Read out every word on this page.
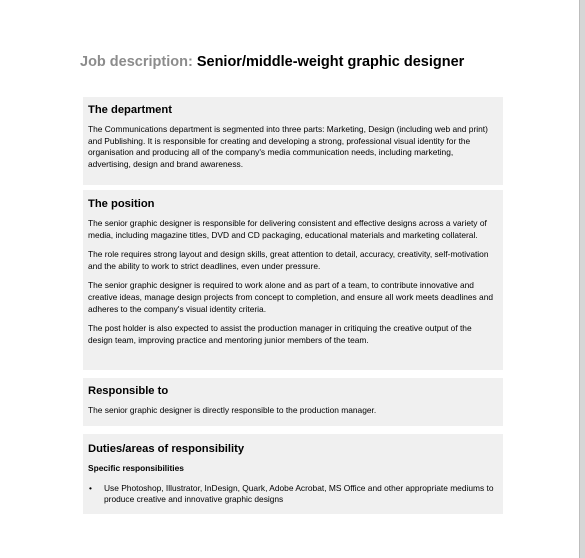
Job description: Senior/middle-weight graphic designer
The department

The Communications department is segmented into three parts: Marketing, Design (including web and print) and Publishing. It is responsible for creating and developing a strong, professional visual identity for the organisation and producing all of the company's media communication needs, including marketing, advertising, design and brand awareness.

The position

The senior graphic designer is responsible for delivering consistent and effective designs across a variety of media, including magazine titles, DVD and CD packaging, educational materials and marketing collateral.

The role requires strong layout and design skills, great attention to detail, accuracy, creativity, self-motivation and the ability to work to strict deadlines, even under pressure.

The senior graphic designer is required to work alone and as part of a team, to contribute innovative and creative ideas, manage design projects from concept to completion, and ensure all work meets deadlines and adheres to the company's visual identity criteria.

The post holder is also expected to assist the production manager in critiquing the creative output of the design team, improving practice and mentoring junior members of the team.

Responsible to

The senior graphic designer is directly responsible to the production manager.

Duties/areas of responsibility
Specific responsibilities
• Use Photoshop, Illustrator, InDesign, Quark, Adobe Acrobat, MS Office and other appropriate mediums to produce creative and innovative graphic designs
